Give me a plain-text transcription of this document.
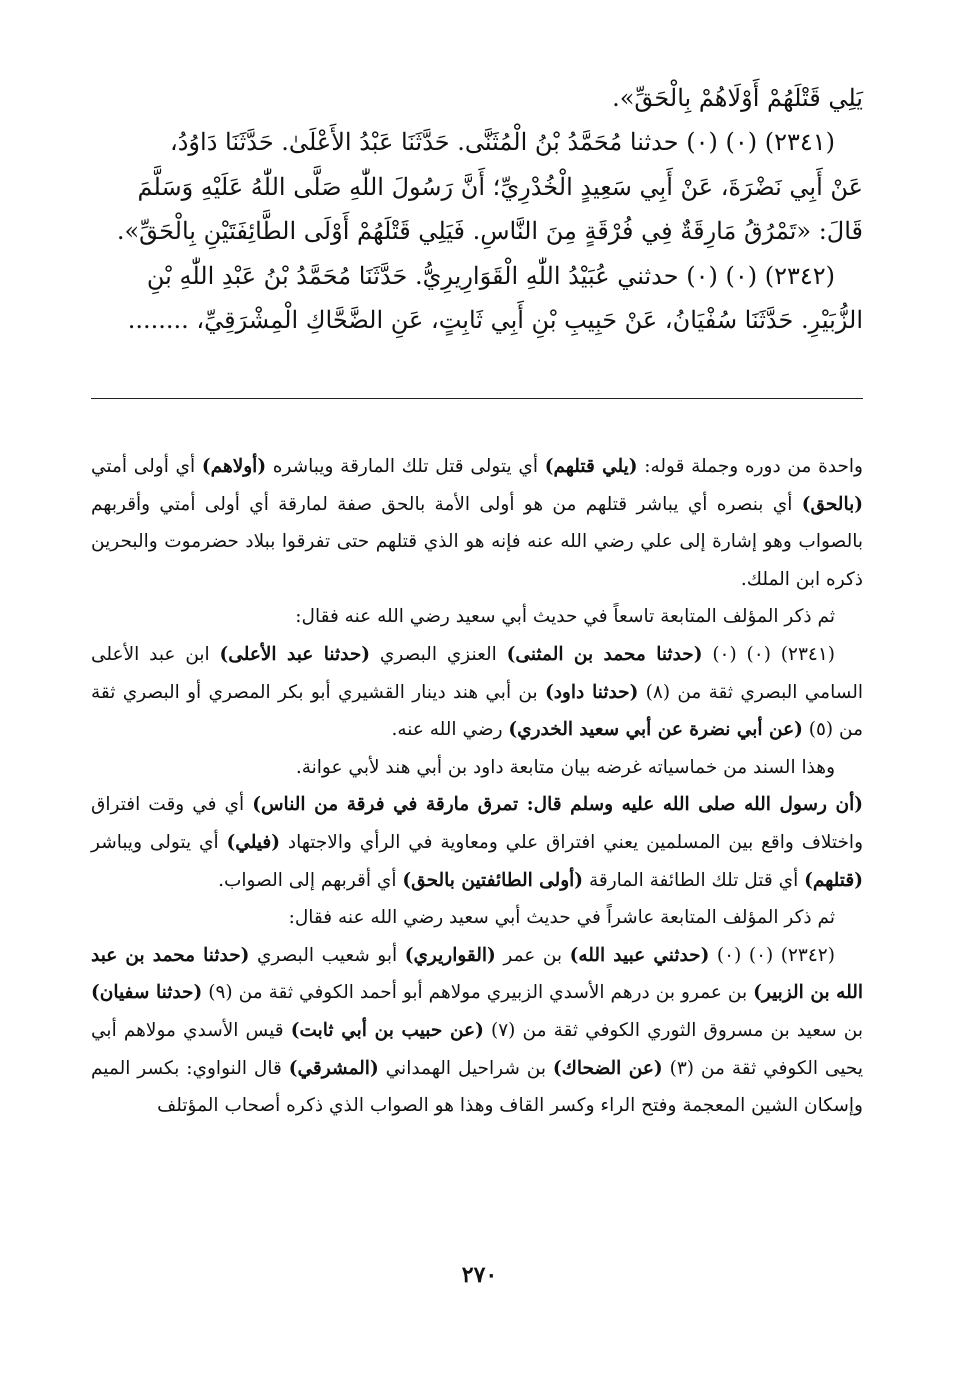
يَلِي قَتْلَهُمْ أَوْلَاهُمْ بِالْحَقِّ».

(٢٣٤١) (٠) (٠) حدثنا مُحَمَّدُ بْنُ الْمُثَنَّى. حَدَّثَنَا عَبْدُ الأَعْلَىٰ. حَدَّثَنَا دَاوُدُ،

عَنْ أَبِي نَضْرَةَ، عَنْ أَبِي سَعِيدٍ الْخُدْرِيِّ؛ أَنَّ رَسُولَ اللّٰهِ صَلَّى اللّٰهُ عَلَيْهِ وَسَلَّمَ

قَالَ: «تَمْرُقُ مَارِقَةٌ فِي فُرْقَةٍ مِنَ النَّاسِ. فَيَلِي قَتْلَهُمْ أَوْلَى الطَّائِفَتَيْنِ بِالْحَقِّ».

(٢٣٤٢) (٠) (٠) حدثني عُبَيْدُ اللّٰهِ الْقَوَارِيرِيُّ. حَدَّثَنَا مُحَمَّدُ بْنُ عَبْدِ اللّٰهِ بْنِ

الزُّبَيْرِ. حَدَّثَنَا سُفْيَانُ، عَنْ حَبِيبِ بْنِ أَبِي ثَابِتٍ، عَنِ الضَّحَّاكِ الْمِشْرَقِيِّ، ........

واحدة من دوره وجملة قوله: (يلي قتلهم) أي يتولى قتل تلك المارقة ويباشره (أولاهم) أي أولى أمتي (بالحق) أي بنصره أي يباشر قتلهم من هو أولى الأمة بالحق صفة لمارقة أي أولى أمتي وأقربهم بالصواب وهو إشارة إلى علي رضي الله عنه فإنه هو الذي قتلهم حتى تفرقوا ببلاد حضرموت والبحرين ذكره ابن الملك.

ثم ذكر المؤلف المتابعة تاسعاً في حديث أبي سعيد رضي الله عنه فقال:

(٢٣٤١) (٠) (٠) (حدثنا محمد بن المثنى) العنزي البصري (حدثنا عبد الأعلى) ابن عبد الأعلى السامي البصري ثقة من (٨) (حدثنا داود) بن أبي هند دينار القشيري أبو بكر المصري أو البصري ثقة من (٥) (عن أبي نضرة عن أبي سعيد الخدري) رضي الله عنه.

وهذا السند من خماسياته غرضه بيان متابعة داود بن أبي هند لأبي عوانة.

(أن رسول الله صلى الله عليه وسلم قال: تمرق مارقة في فرقة من الناس) أي في وقت افتراق واختلاف واقع بين المسلمين يعني افتراق علي ومعاوية في الرأي والاجتهاد (فيلي) أي يتولى ويباشر (قتلهم) أي قتل تلك الطائفة المارقة (أولى الطائفتين بالحق) أي أقربهم إلى الصواب.

ثم ذكر المؤلف المتابعة عاشراً في حديث أبي سعيد رضي الله عنه فقال:

(٢٣٤٢) (٠) (٠) (حدثني عبيد الله) بن عمر (القواريري) أبو شعيب البصري (حدثنا محمد بن عبد الله بن الزبير) بن عمرو بن درهم الأسدي الزبيري مولاهم أبو أحمد الكوفي ثقة من (٩) (حدثنا سفيان) بن سعيد بن مسروق الثوري الكوفي ثقة من (٧) (عن حبيب بن أبي ثابت) قيس الأسدي مولاهم أبي يحيى الكوفي ثقة من (٣) (عن الضحاك) بن شراحيل الهمداني (المشرقي) قال النواوي: بكسر الميم وإسكان الشين المعجمة وفتح الراء وكسر القاف وهذا هو الصواب الذي ذكره أصحاب المؤتلف

٢٧٠
